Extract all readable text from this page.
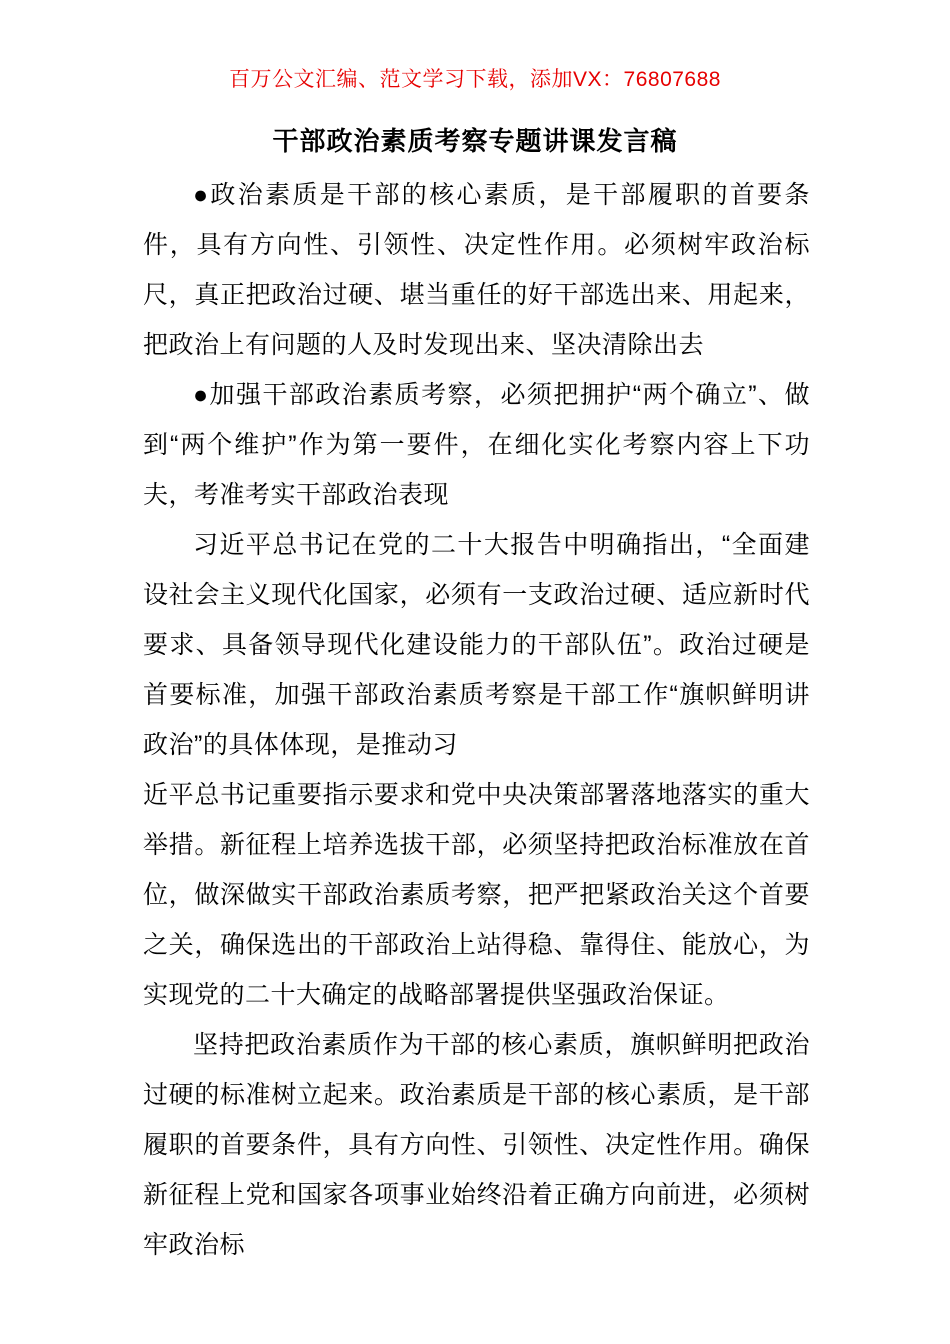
百万公文汇编、范文学习下载，添加VX：76807688
干部政治素质考察专题讲课发言稿

●政治素质是干部的核心素质，是干部履职的首要条件，具有方向性、引领性、决定性作用。必须树牢政治标尺，真正把政治过硬、堪当重任的好干部选出来、用起来，把政治上有问题的人及时发现出来、坚决清除出去

●加强干部政治素质考察，必须把拥护“两个确立”、做到“两个维护”作为第一要件，在细化实化考察内容上下功夫，考准考实干部政治表现

习近平总书记在党的二十大报告中明确指出，“全面建设社会主义现代化国家，必须有一支政治过硬、适应新时代要求、具备领导现代化建设能力的干部队伍”。政治过硬是首要标准，加强干部政治素质考察是干部工作“旗帜鲜明讲政治”的具体体现，是推动习

近平总书记重要指示要求和党中央决策部署落地落实的重大举措。新征程上培养选拔干部，必须坚持把政治标准放在首位，做深做实干部政治素质考察，把严把紧政治关这个首要之关，确保选出的干部政治上站得稳、靠得住、能放心，为实现党的二十大确定的战略部署提供坚强政治保证。

坚持把政治素质作为干部的核心素质，旗帜鲜明把政治过硬的标准树立起来。政治素质是干部的核心素质，是干部履职的首要条件，具有方向性、引领性、决定性作用。确保新征程上党和国家各项事业始终沿着正确方向前进，必须树牢政治标
